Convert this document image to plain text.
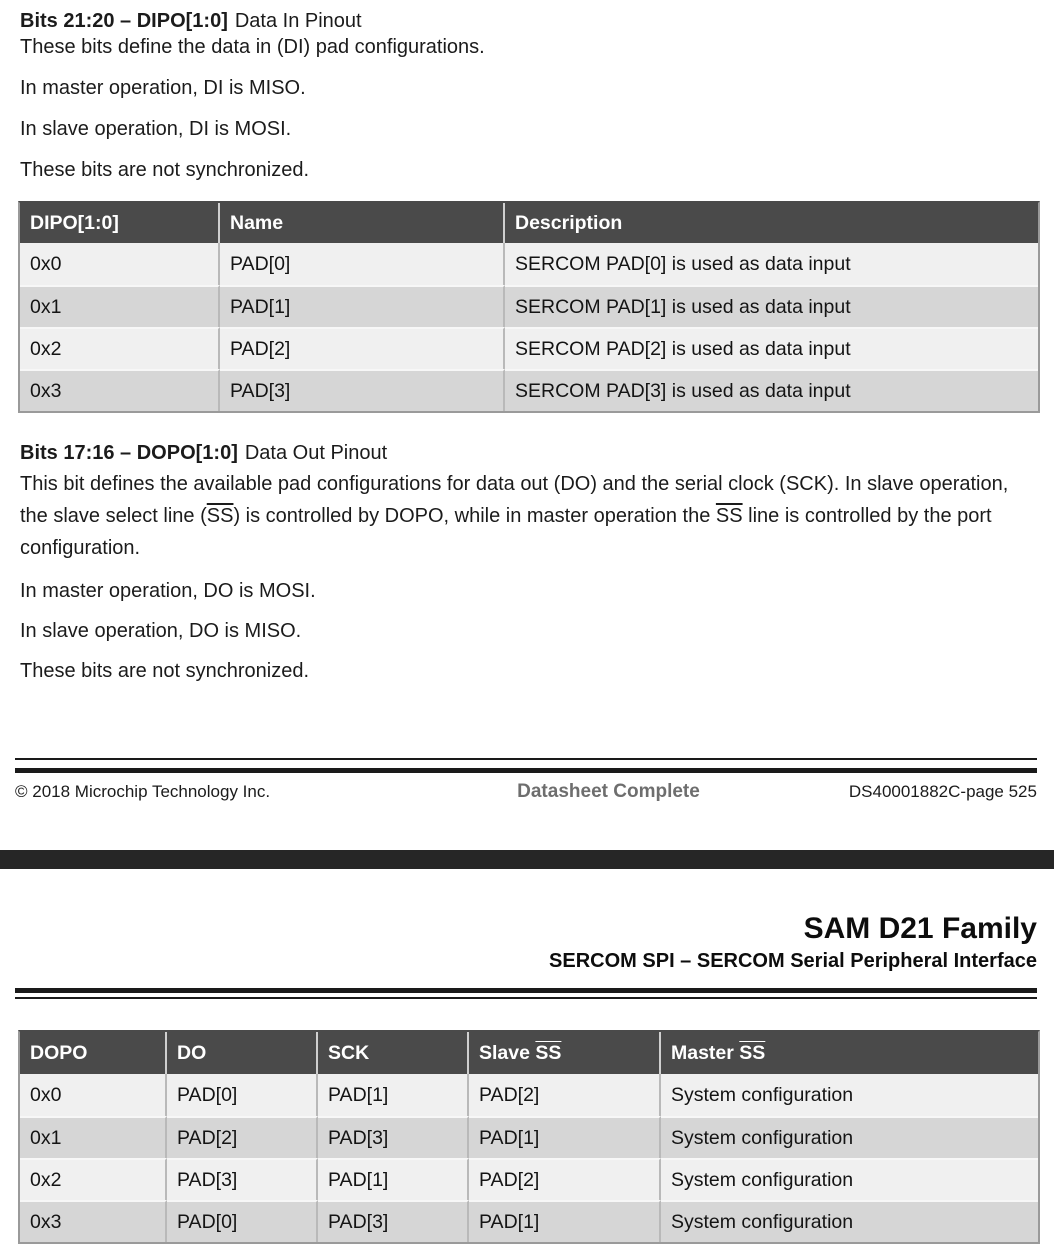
Bits 21:20 – DIPO[1:0] Data In Pinout

These bits define the data in (DI) pad configurations.

In master operation, DI is MISO.

In slave operation, DI is MOSI.

These bits are not synchronized.

DIPO[1:0]	Name	Description
0x0	PAD[0]	SERCOM PAD[0] is used as data input
0x1	PAD[1]	SERCOM PAD[1] is used as data input
0x2	PAD[2]	SERCOM PAD[2] is used as data input
0x3	PAD[3]	SERCOM PAD[3] is used as data input

Bits 17:16 – DOPO[1:0] Data Out Pinout

This bit defines the available pad configurations for data out (DO) and the serial clock (SCK). In slave operation, the slave select line $(\overline{SS})$ is controlled by DOPO, while in master operation the $\overline{SS}$ line is controlled by the port configuration.

In master operation, DO is MOSI.

In slave operation, DO is MISO.

These bits are not synchronized.

© 2018 Microchip Technology Inc.	Datasheet Complete	DS40001882C-page 525
SAM D21 Family
SERCOM SPI – SERCOM Serial Peripheral Interface
DOPO	DO	SCK	Slave $\overline{SS}$	Master $\overline{SS}$
0x0	PAD[0]	PAD[1]	PAD[2]	System configuration
0x1	PAD[2]	PAD[3]	PAD[1]	System configuration
0x2	PAD[3]	PAD[1]	PAD[2]	System configuration
0x3	PAD[0]	PAD[3]	PAD[1]	System configuration
